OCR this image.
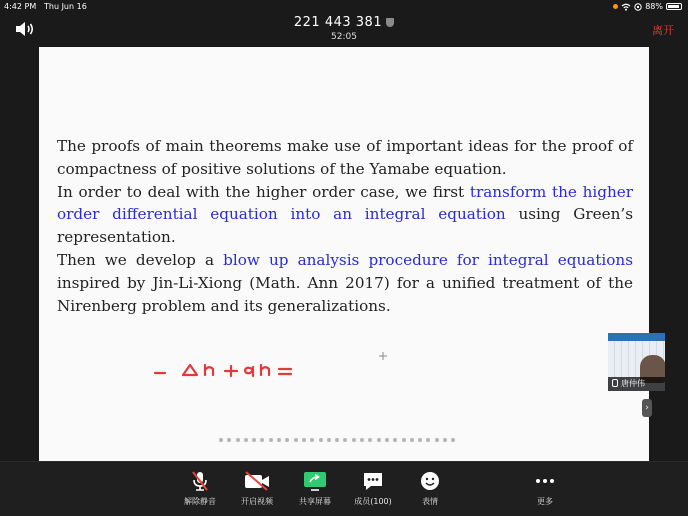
4:42 PM Thu Jun 16	88%
221 443 381
52:05	离开

The proofs of main theorems make use of important ideas for the proof of compactness of positive solutions of the Yamabe equation.

In order to deal with the higher order case, we first transform the higher order differential equation into an integral equation using Green’s representation.

Then we develop a blow up analysis procedure for integral equations inspired by Jin-Li-Xiong (Math. Ann 2017) for a unified treatment of the Nirenberg problem and its generalizations.

唐仲伟
›
解除静音	开启视频	共享屏幕	成员(100)	表情	更多
